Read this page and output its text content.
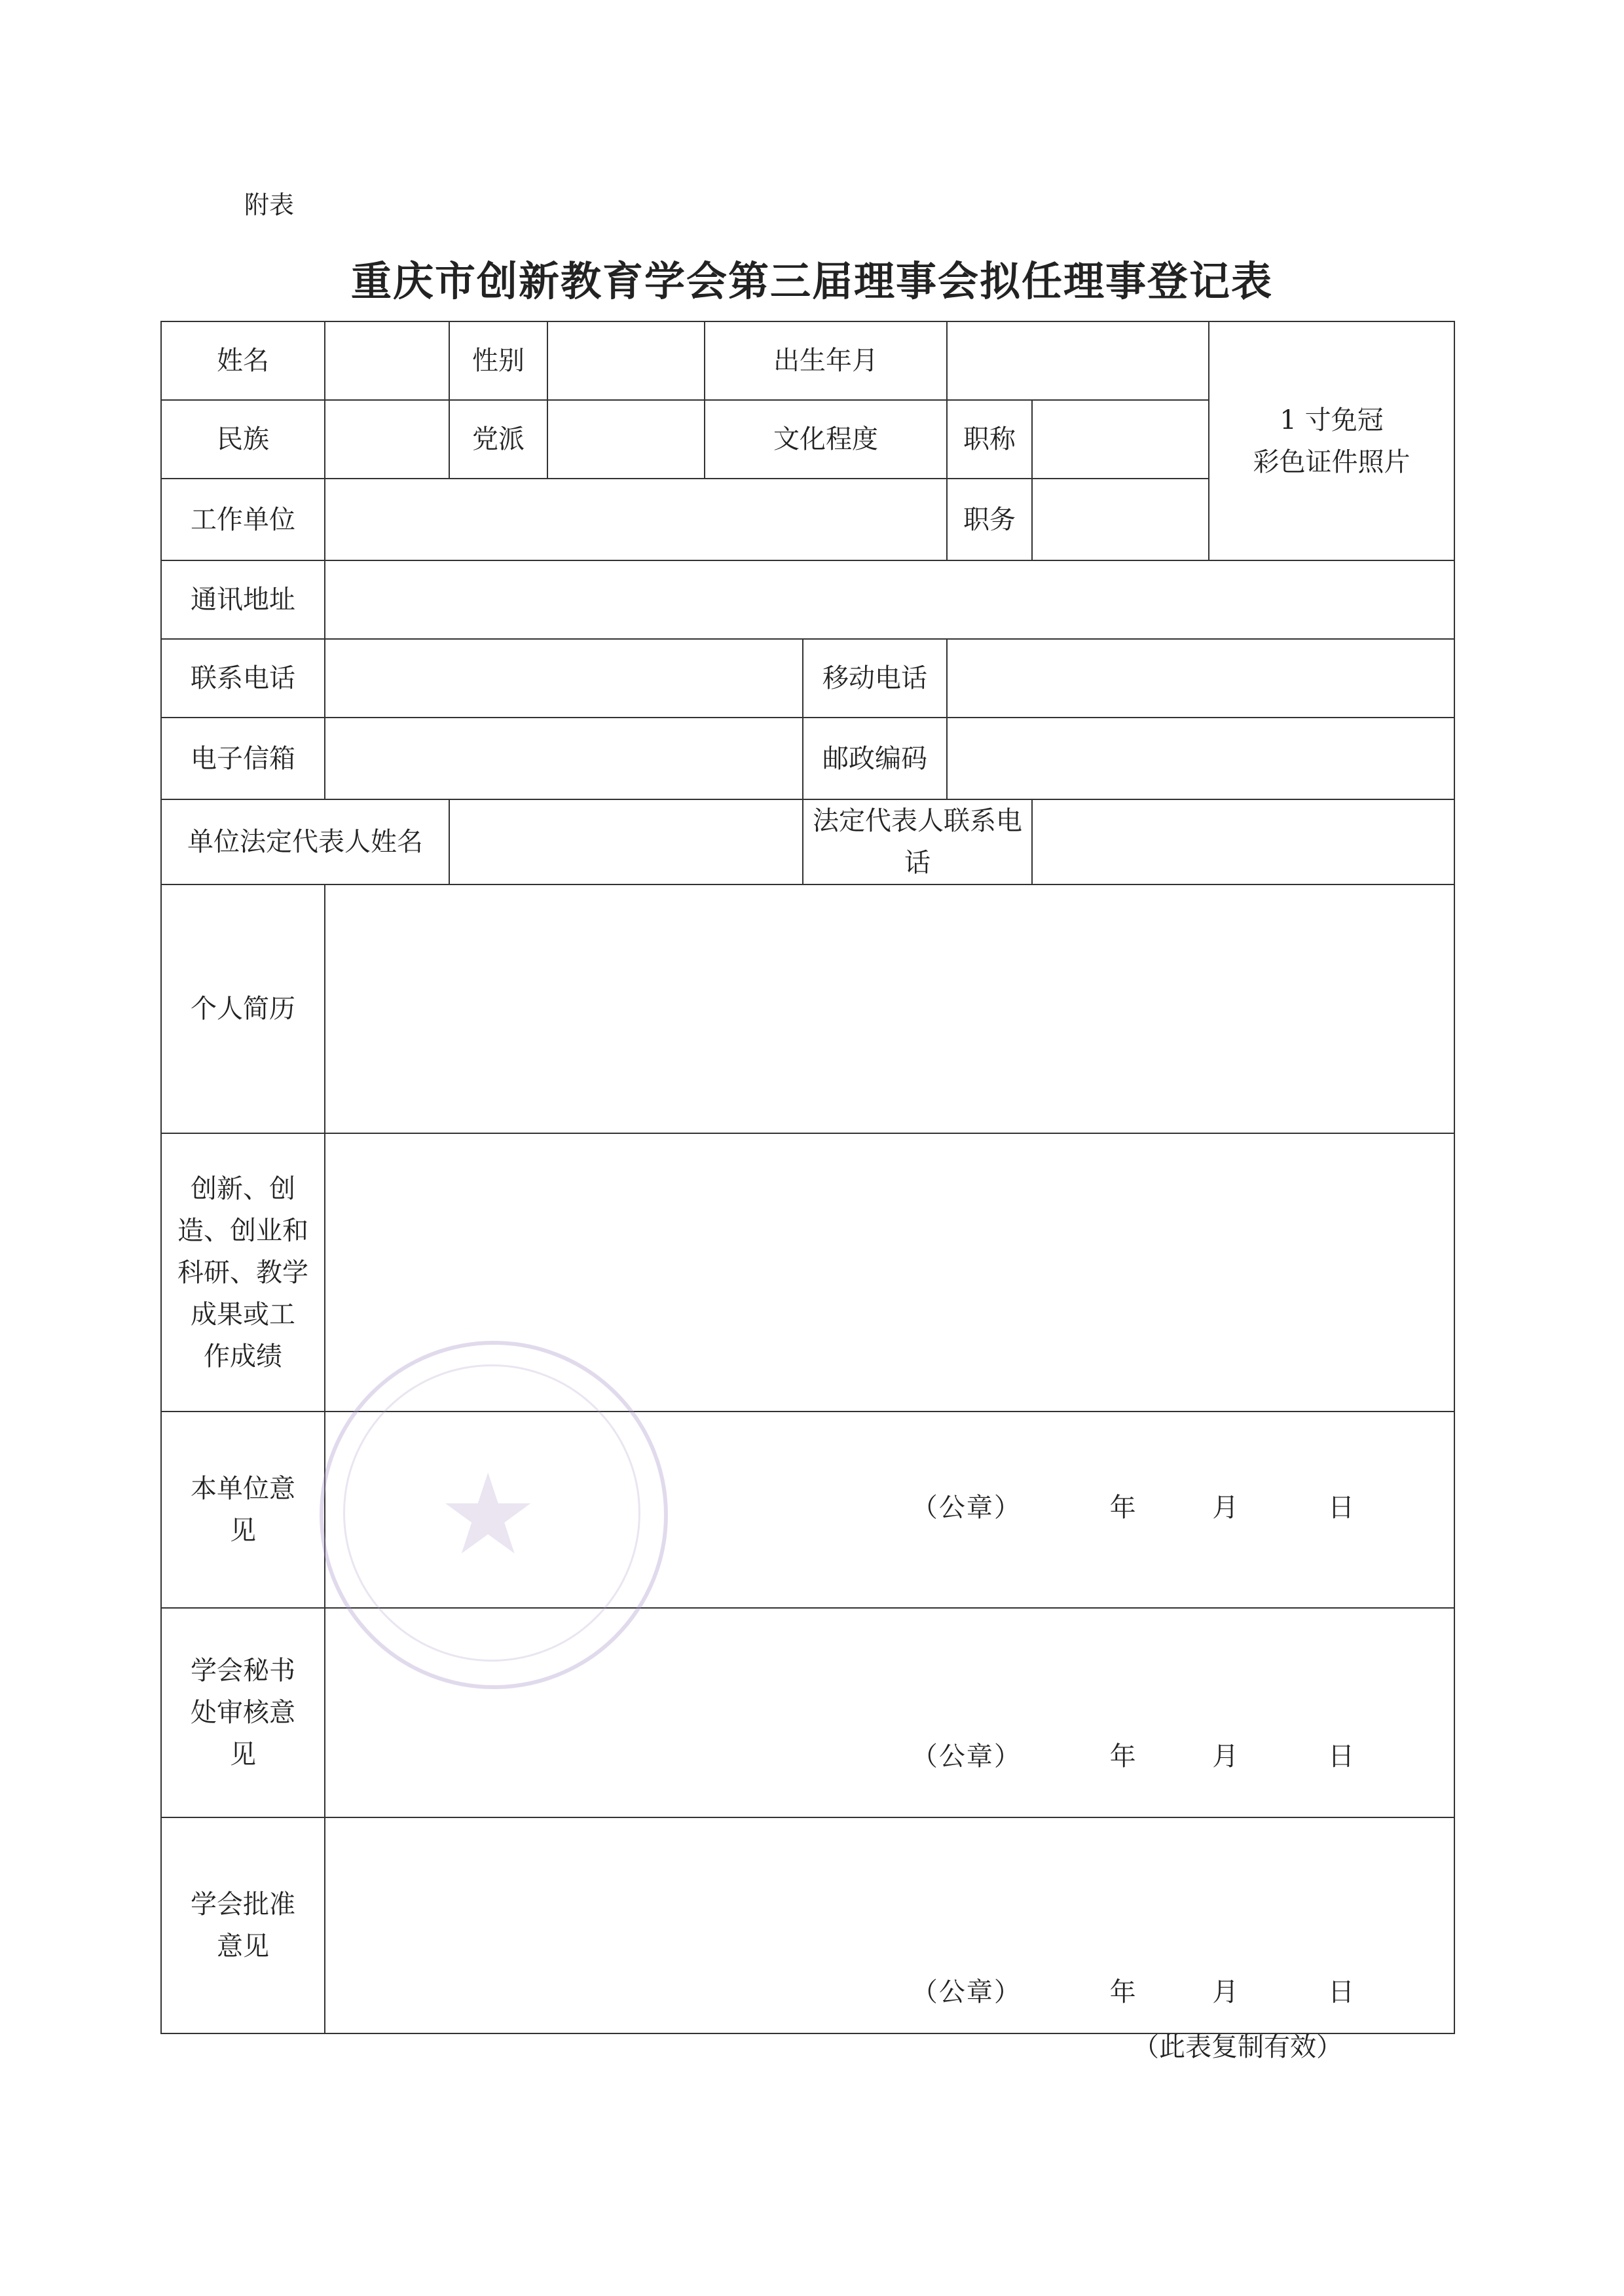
附表
重庆市创新教育学会第三届理事会拟任理事登记表
姓名		性别		出生年月				1 寸免冠
彩色证件照片

民族		党派		文化程度		职称		
工作单位						职务		
通讯地址								
联系电话					移动电话			
电子信箱					邮政编码			
单位法定代表人姓名					法定代表人联系电话			
个人简历								

创新、创
造、创业和
科研、教学
成果或工
作成绩								

本单位意
见	（公章） 年 月 日							

学会秘书
处审核意
见	（公章） 年 月 日							

学会批准
意见	（公章） 年 月 日							
★
（此表复制有效）
